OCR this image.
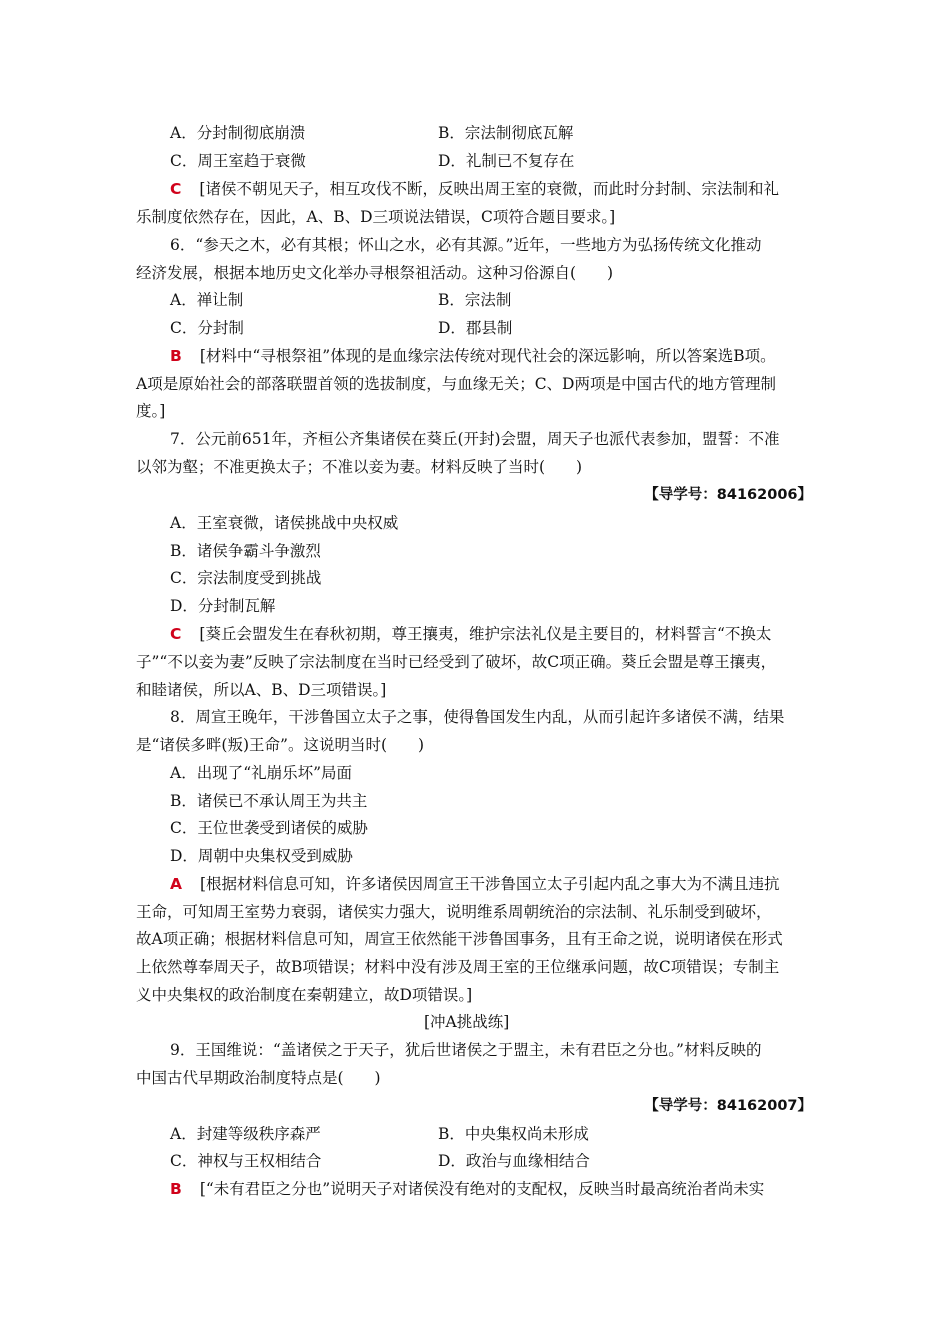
A．分封制彻底崩溃	B．宗法制彻底瓦解
C．周王室趋于衰微	D．礼制已不复存在
C [诸侯不朝见天子，相互攻伐不断，反映出周王室的衰微，而此时分封制、宗法制和礼
乐制度依然存在，因此，A、B、D三项说法错误，C项符合题目要求。]
6．“参天之木，必有其根；怀山之水，必有其源。”近年，一些地方为弘扬传统文化推动
经济发展，根据本地历史文化举办寻根祭祖活动。这种习俗源自(　　)
A．禅让制	B．宗法制
C．分封制	D．郡县制
B [材料中“寻根祭祖”体现的是血缘宗法传统对现代社会的深远影响，所以答案选B项。
A项是原始社会的部落联盟首领的选拔制度，与血缘无关；C、D两项是中国古代的地方管理制
度。]
7．公元前651年，齐桓公齐集诸侯在葵丘(开封)会盟，周天子也派代表参加，盟誓：不准
以邻为壑；不准更换太子；不准以妾为妻。材料反映了当时(　　)
【导学号：84162006】
A．王室衰微，诸侯挑战中央权威
B．诸侯争霸斗争激烈
C．宗法制度受到挑战
D．分封制瓦解
C [葵丘会盟发生在春秋初期，尊王攘夷，维护宗法礼仪是主要目的，材料誓言“不换太
子”“不以妾为妻”反映了宗法制度在当时已经受到了破坏，故C项正确。葵丘会盟是尊王攘夷，
和睦诸侯，所以A、B、D三项错误。]
8．周宣王晚年，干涉鲁国立太子之事，使得鲁国发生内乱，从而引起许多诸侯不满，结果
是“诸侯多畔(叛)王命”。这说明当时(　　)
A．出现了“礼崩乐坏”局面
B．诸侯已不承认周王为共主
C．王位世袭受到诸侯的威胁
D．周朝中央集权受到威胁
A [根据材料信息可知，许多诸侯因周宣王干涉鲁国立太子引起内乱之事大为不满且违抗
王命，可知周王室势力衰弱，诸侯实力强大，说明维系周朝统治的宗法制、礼乐制受到破坏，
故A项正确；根据材料信息可知，周宣王依然能干涉鲁国事务，且有王命之说，说明诸侯在形式
上依然尊奉周天子，故B项错误；材料中没有涉及周王室的王位继承问题，故C项错误；专制主
义中央集权的政治制度在秦朝建立，故D项错误。]
[冲A挑战练]
9．王国维说：“盖诸侯之于天子，犹后世诸侯之于盟主，未有君臣之分也。”材料反映的
中国古代早期政治制度特点是(　　)
【导学号：84162007】
A．封建等级秩序森严	B．中央集权尚未形成
C．神权与王权相结合	D．政治与血缘相结合
B [“未有君臣之分也”说明天子对诸侯没有绝对的支配权，反映当时最高统治者尚未实
